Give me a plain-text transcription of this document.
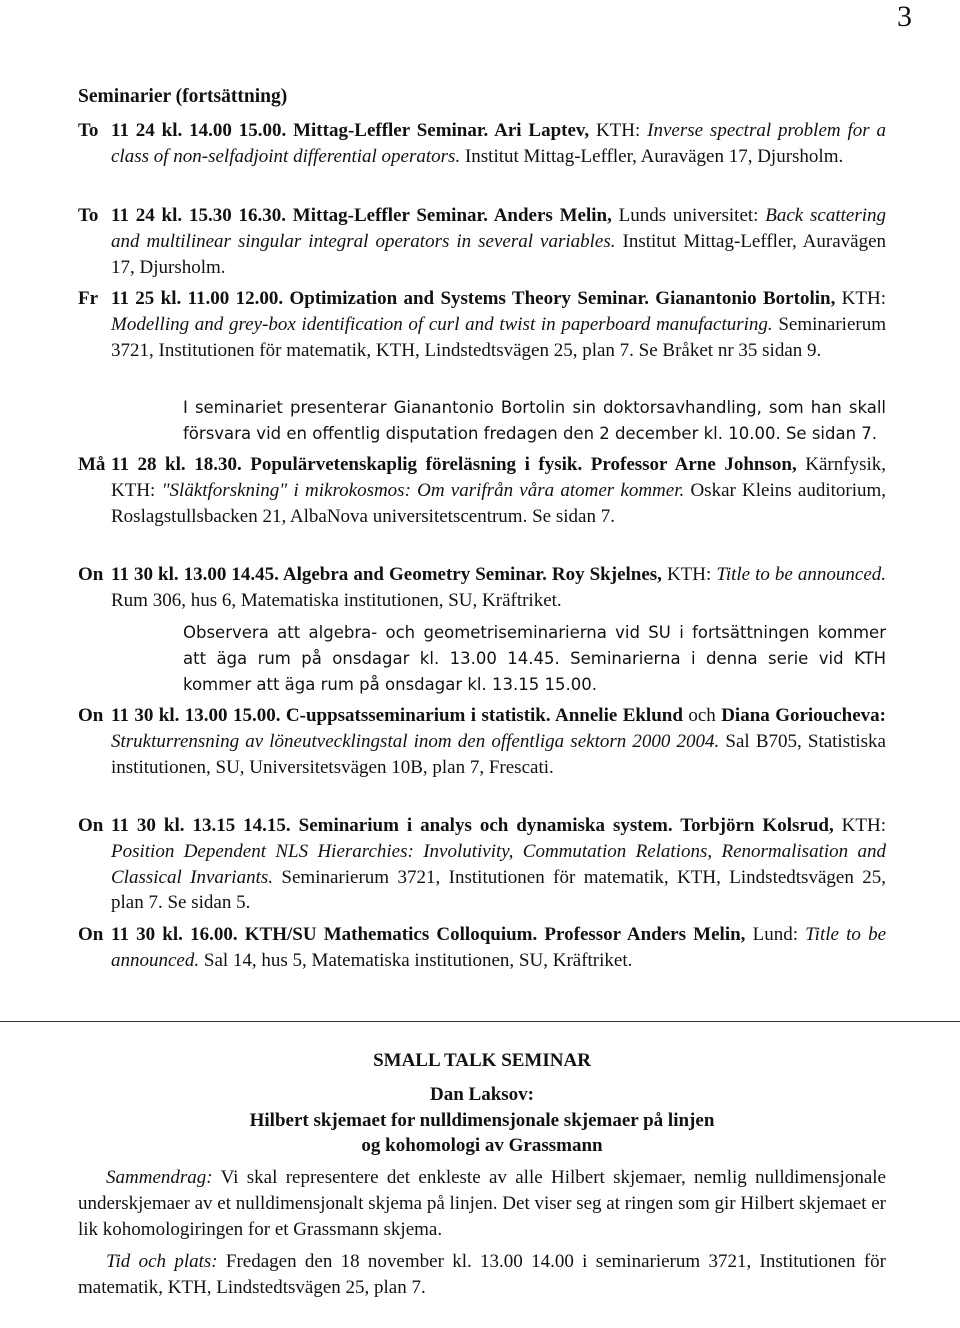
3
Seminarier (fortsättning)
To 11 24 kl. 14.00 15.00. Mittag-Leffler Seminar. Ari Laptev, KTH: Inverse spectral problem for a class of non-selfadjoint differential operators. Institut Mittag-Leffler, Auravägen 17, Djursholm.
To 11 24 kl. 15.30 16.30. Mittag-Leffler Seminar. Anders Melin, Lunds universitet: Back scattering and multilinear singular integral operators in several variables. Institut Mittag-Leffler, Auravägen 17, Djursholm.
Fr 11 25 kl. 11.00 12.00. Optimization and Systems Theory Seminar. Gianantonio Bortolin, KTH: Modelling and grey-box identification of curl and twist in paperboard manufacturing. Seminarierum 3721, Institutionen för matematik, KTH, Lindstedtsvägen 25, plan 7. Se Bråket nr 35 sidan 9.
I seminariet presenterar Gianantonio Bortolin sin doktorsavhandling, som han skall försvara vid en offentlig disputation fredagen den 2 december kl. 10.00. Se sidan 7.
Må 11 28 kl. 18.30. Populärvetenskaplig föreläsning i fysik. Professor Arne Johnson, Kärnfysik, KTH: "Släktforskning" i mikrokosmos: Om varifrån våra atomer kommer. Oskar Kleins auditorium, Roslagstullsbacken 21, AlbaNova universitetscentrum. Se sidan 7.
On 11 30 kl. 13.00 14.45. Algebra and Geometry Seminar. Roy Skjelnes, KTH: Title to be announced. Rum 306, hus 6, Matematiska institutionen, SU, Kräftriket.
Observera att algebra- och geometriseminarierna vid SU i fortsättningen kommer att äga rum på onsdagar kl. 13.00 14.45. Seminarierna i denna serie vid KTH kommer att äga rum på onsdagar kl. 13.15 15.00.
On 11 30 kl. 13.00 15.00. C-uppsatsseminarium i statistik. Annelie Eklund och Diana Gorioucheva: Strukturrensning av löneutvecklingstal inom den offentliga sektorn 2000 2004. Sal B705, Statistiska institutionen, SU, Universitetsvägen 10B, plan 7, Frescati.
On 11 30 kl. 13.15 14.15. Seminarium i analys och dynamiska system. Torbjörn Kolsrud, KTH: Position Dependent NLS Hierarchies: Involutivity, Commutation Relations, Renormalisation and Classical Invariants. Seminarierum 3721, Institutionen för matematik, KTH, Lindstedtsvägen 25, plan 7. Se sidan 5.
On 11 30 kl. 16.00. KTH/SU Mathematics Colloquium. Professor Anders Melin, Lund: Title to be announced. Sal 14, hus 5, Matematiska institutionen, SU, Kräftriket.
SMALL TALK SEMINAR
Dan Laksov:
Hilbert skjemaet for nulldimensjonale skjemaer på linjen
og kohomologi av Grassmann
Sammendrag: Vi skal representere det enkleste av alle Hilbert skjemaer, nemlig nulldimensjonale underskjemaer av et nulldimensjonalt skjema på linjen. Det viser seg at ringen som gir Hilbert skjemaet er lik kohomologiringen for et Grassmann skjema.
Tid och plats: Fredagen den 18 november kl. 13.00 14.00 i seminarierum 3721, Institutionen för matematik, KTH, Lindstedtsvägen 25, plan 7.
